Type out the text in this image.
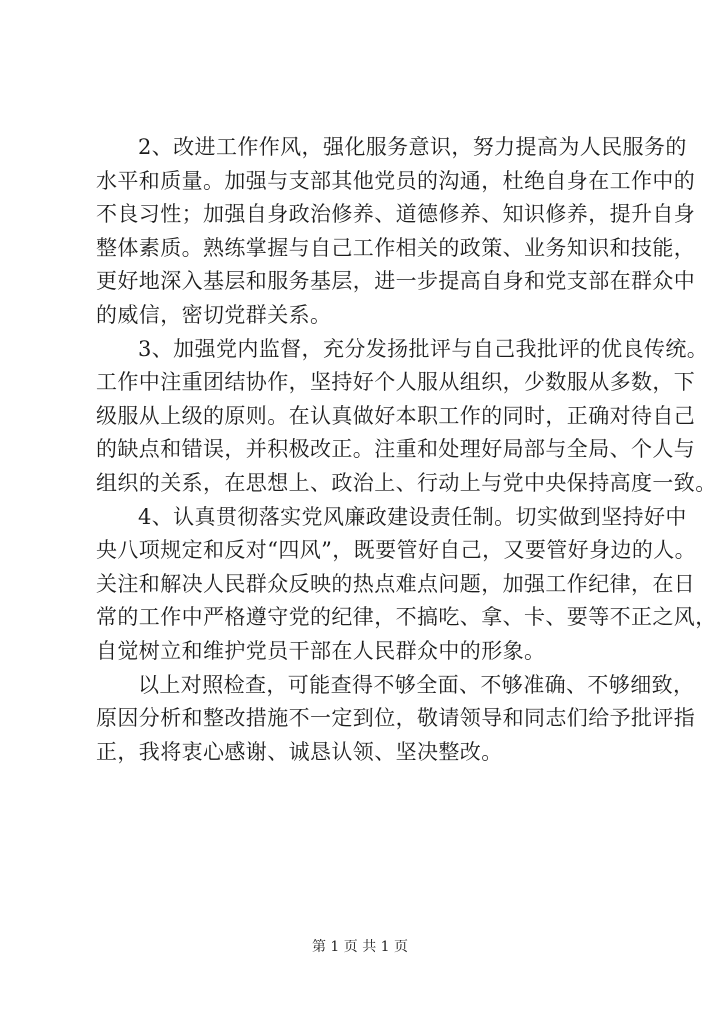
2、改进工作作风，强化服务意识，努力提高为人民服务的
水平和质量。加强与支部其他党员的沟通，杜绝自身在工作中的
不良习性；加强自身政治修养、道德修养、知识修养，提升自身
整体素质。熟练掌握与自己工作相关的政策、业务知识和技能，
更好地深入基层和服务基层，进一步提高自身和党支部在群众中
的威信，密切党群关系。
3、加强党内监督，充分发扬批评与自己我批评的优良传统。
工作中注重团结协作，坚持好个人服从组织，少数服从多数，下
级服从上级的原则。在认真做好本职工作的同时，正确对待自己
的缺点和错误，并积极改正。注重和处理好局部与全局、个人与
组织的关系，在思想上、政治上、行动上与党中央保持高度一致。
4、认真贯彻落实党风廉政建设责任制。切实做到坚持好中
央八项规定和反对“四风”，既要管好自己，又要管好身边的人。
关注和解决人民群众反映的热点难点问题，加强工作纪律，在日
常的工作中严格遵守党的纪律，不搞吃、拿、卡、要等不正之风，
自觉树立和维护党员干部在人民群众中的形象。
以上对照检查，可能查得不够全面、不够准确、不够细致，
原因分析和整改措施不一定到位，敬请领导和同志们给予批评指
正，我将衷心感谢、诚恳认领、坚决整改。
第 1 页 共 1 页
